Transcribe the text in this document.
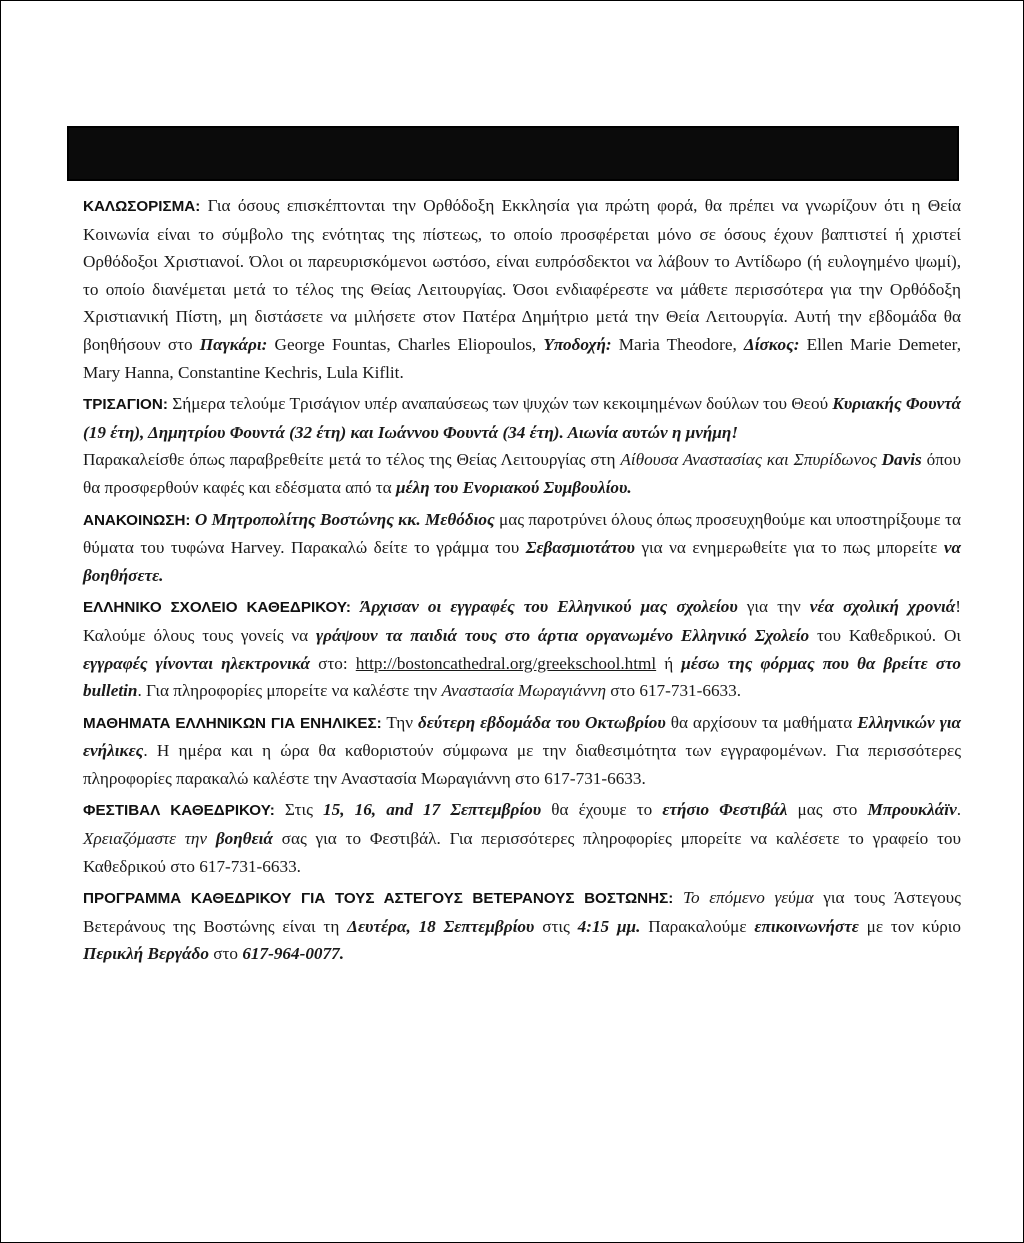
ΚΑΛΩΣΟΡΙΣΜΑ: Για όσους επισκέπτονται την Ορθόδοξη Εκκλησία για πρώτη φορά, θα πρέπει να γνωρίζουν ότι η Θεία Κοινωνία είναι το σύμβολο της ενότητας της πίστεως, το οποίο προσφέρεται μόνο σε όσους έχουν βαπτιστεί ή χριστεί Ορθόδοξοι Χριστιανοί. Όλοι οι παρευρισκόμενοι ωστόσο, είναι ευπρόσδεκτοι να λάβουν το Αντίδωρο (ή ευλογημένο ψωμί), το οποίο διανέμεται μετά το τέλος της Θείας Λειτουργίας. Όσοι ενδιαφέρεστε να μάθετε περισσότερα για την Ορθόδοξη Χριστιανική Πίστη, μη διστάσετε να μιλήσετε στον Πατέρα Δημήτριο μετά την Θεία Λειτουργία. Αυτή την εβδομάδα θα βοηθήσουν στο Παγκάρι: George Fountas, Charles Eliopoulos, Υποδοχή: Maria Theodore, Δίσκος: Ellen Marie Demeter, Mary Hanna, Constantine Kechris, Lula Kiflit.

ΤΡΙΣΑΓΙΟΝ: Σήμερα τελούμε Τρισάγιον υπέρ αναπαύσεως των ψυχών των κεκοιμημένων δούλων του Θεού Κυριακής Φουντά (19 έτη), Δημητρίου Φουντά (32 έτη) και Ιωάννου Φουντά (34 έτη). Αιωνία αυτών η μνήμη!
Παρακαλείσθε όπως παραβρεθείτε μετά το τέλος της Θείας Λειτουργίας στη Αίθουσα Αναστασίας και Σπυρίδωνος Davis όπου θα προσφερθούν καφές και εδέσματα από τα μέλη του Ενοριακού Συμβουλίου.

ΑΝΑΚΟΙΝΩΣΗ: Ο Μητροπολίτης Βοστώνης κκ. Μεθόδιος μας παροτρύνει όλους όπως προσευχηθούμε και υποστηρίξουμε τα θύματα του τυφώνα Harvey. Παρακαλώ δείτε το γράμμα του Σεβασμιοτάτου για να ενημερωθείτε για το πως μπορείτε να βοηθήσετε.

ΕΛΛΗΝΙΚΟ ΣΧΟΛΕΙΟ ΚΑΘΕΔΡΙΚΟΥ: Άρχισαν οι εγγραφές του Ελληνικού μας σχολείου για την νέα σχολική χρονιά! Καλούμε όλους τους γονείς να γράψουν τα παιδιά τους στο άρτια οργανωμένο Ελληνικό Σχολείο του Καθεδρικού. Οι εγγραφές γίνονται ηλεκτρονικά στο: http://bostoncathedral.org/greekschool.html ή μέσω της φόρμας που θα βρείτε στο bulletin. Για πληροφορίες μπορείτε να καλέστε την Αναστασία Μωραγιάννη στο 617-731-6633.

ΜΑΘΗΜΑΤΑ ΕΛΛΗΝΙΚΩΝ ΓΙΑ ΕΝΗΛΙΚΕΣ: Την δεύτερη εβδομάδα του Οκτωβρίου θα αρχίσουν τα μαθήματα Ελληνικών για ενήλικες. Η ημέρα και η ώρα θα καθοριστούν σύμφωνα με την διαθεσιμότητα των εγγραφομένων. Για περισσότερες πληροφορίες παρακαλώ καλέστε την Αναστασία Μωραγιάννη στο 617-731-6633.

ΦΕΣΤΙΒΑΛ ΚΑΘΕΔΡΙΚΟΥ: Στις 15, 16, and 17 Σεπτεμβρίου θα έχουμε το ετήσιο Φεστιβάλ μας στο Μπρουκλάϊν. Χρειαζόμαστε την βοηθειά σας για το Φεστιβάλ. Για περισσότερες πληροφορίες μπορείτε να καλέσετε το γραφείο του Καθεδρικού στο 617-731-6633.

ΠΡΟΓΡΑΜΜΑ ΚΑΘΕΔΡΙΚΟΥ ΓΙΑ ΤΟΥΣ ΑΣΤΕΓΟΥΣ ΒΕΤΕΡΑΝΟΥΣ ΒΟΣΤΩΝΗΣ: Το επόμενο γεύμα για τους Άστεγους Βετεράνους της Βοστώνης είναι τη Δευτέρα, 18 Σεπτεμβρίου στις 4:15 μμ. Παρακαλούμε επικοινωνήστε με τον κύριο Περικλή Βεργάδο στο 617-964-0077.
